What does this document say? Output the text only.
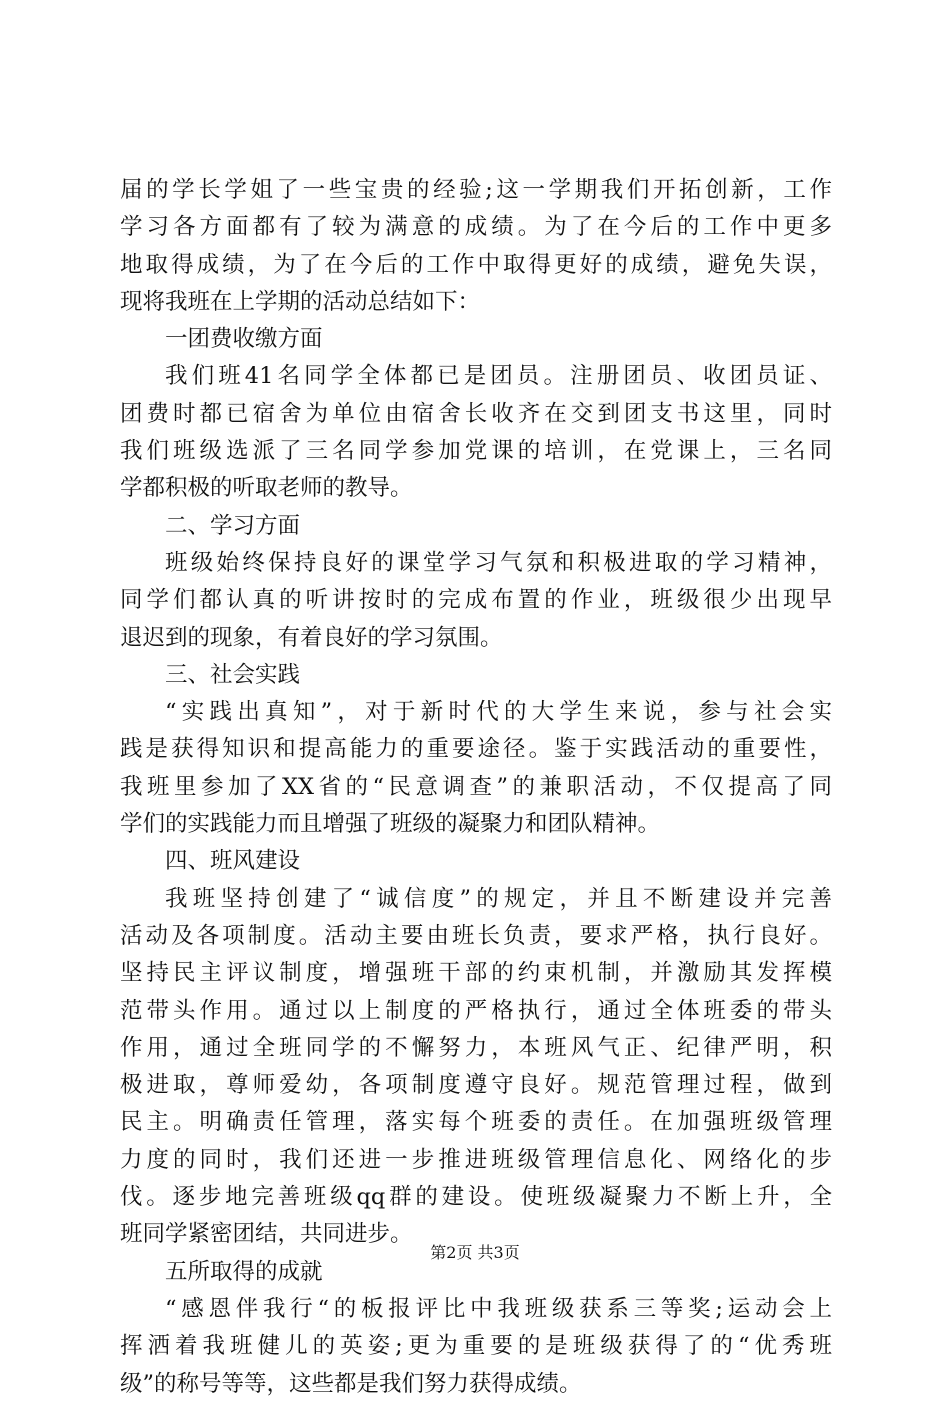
届的学长学姐了一些宝贵的经验;这一学期我们开拓创新，工作
学习各方面都有了较为满意的成绩。为了在今后的工作中更多
地取得成绩，为了在今后的工作中取得更好的成绩，避免失误，
现将我班在上学期的活动总结如下：
一团费收缴方面
我们班41名同学全体都已是团员。注册团员、收团员证、
团费时都已宿舍为单位由宿舍长收齐在交到团支书这里，同时
我们班级选派了三名同学参加党课的培训，在党课上，三名同
学都积极的听取老师的教导。
二、学习方面
班级始终保持良好的课堂学习气氛和积极进取的学习精神，
同学们都认真的听讲按时的完成布置的作业，班级很少出现早
退迟到的现象，有着良好的学习氛围。
三、社会实践
“实践出真知”，对于新时代的大学生来说，参与社会实
践是获得知识和提高能力的重要途径。鉴于实践活动的重要性，
我班里参加了XX省的“民意调查”的兼职活动，不仅提高了同
学们的实践能力而且增强了班级的凝聚力和团队精神。
四、班风建设
我班坚持创建了“诚信度”的规定，并且不断建设并完善
活动及各项制度。活动主要由班长负责，要求严格，执行良好。
坚持民主评议制度，增强班干部的约束机制，并激励其发挥模
范带头作用。通过以上制度的严格执行，通过全体班委的带头
作用，通过全班同学的不懈努力，本班风气正、纪律严明，积
极进取，尊师爱幼，各项制度遵守良好。规范管理过程，做到
民主。明确责任管理，落实每个班委的责任。在加强班级管理
力度的同时，我们还进一步推进班级管理信息化、网络化的步
伐。逐步地完善班级qq群的建设。使班级凝聚力不断上升，全
班同学紧密团结，共同进步。
五所取得的成就
“感恩伴我行“的板报评比中我班级获系三等奖;运动会上
挥洒着我班健儿的英姿;更为重要的是班级获得了的“优秀班
级”的称号等等，这些都是我们努力获得成绩。
第2页 共3页
